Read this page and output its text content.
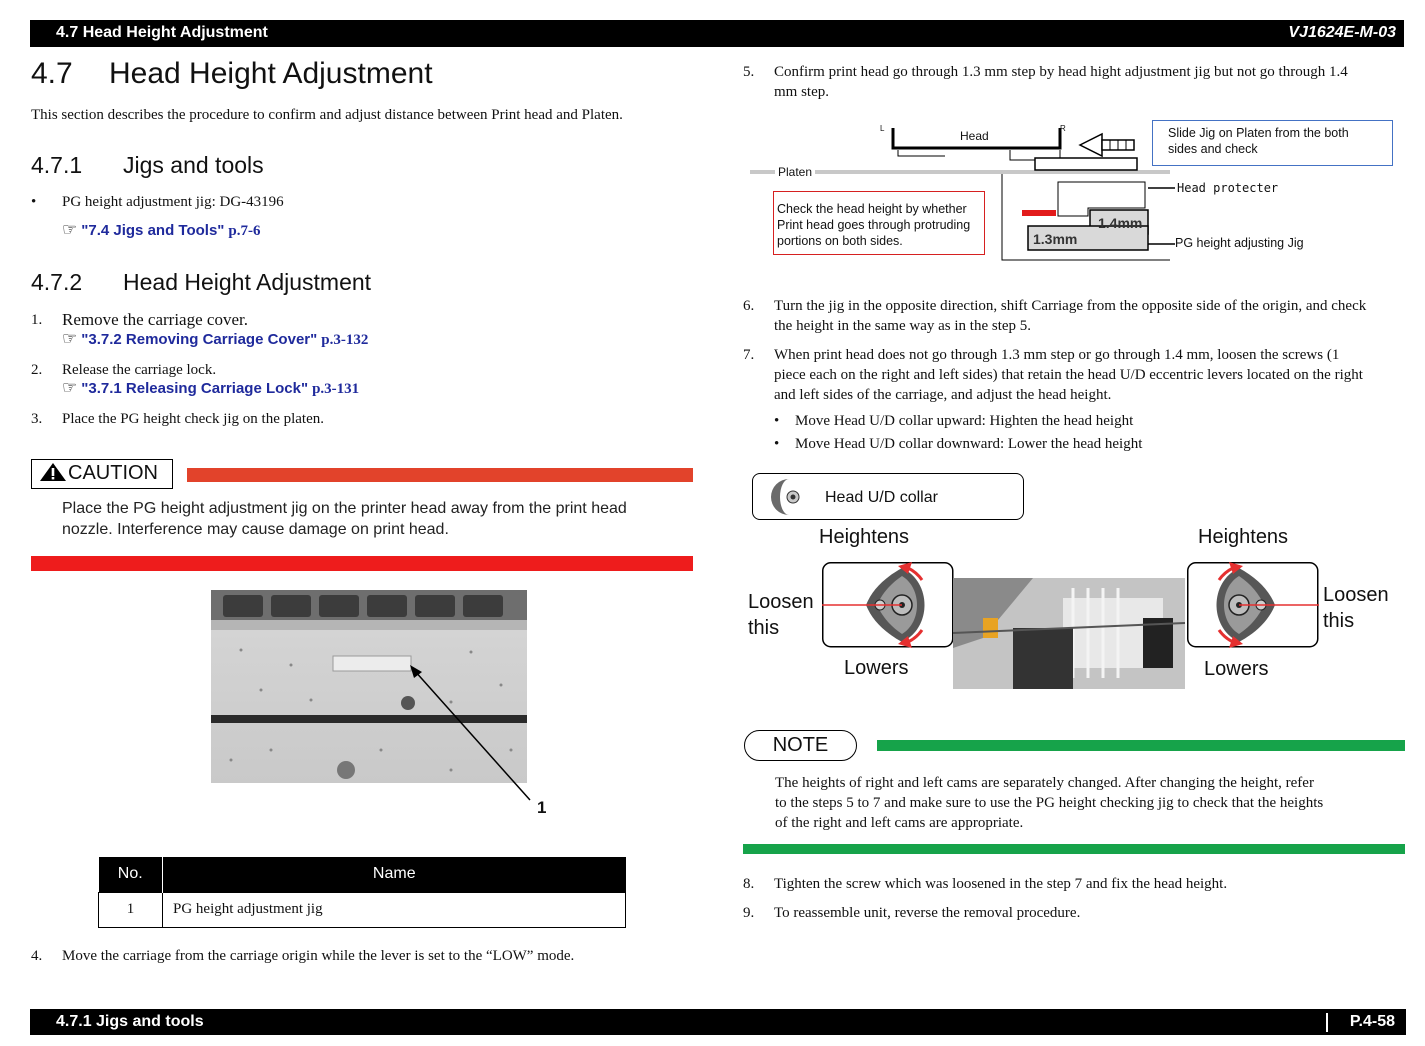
4.7 Head Height Adjustment	VJ1624E-M-03
4.7 Head Height Adjustment
This section describes the procedure to confirm and adjust distance between Print head and Platen.
4.7.1 Jigs and tools
• PG height adjustment jig: DG-43196
☞ "7.4 Jigs and Tools" p.7-6
4.7.2 Head Height Adjustment
1. Remove the carriage cover.
☞ "3.7.2 Removing Carriage Cover" p.3-132
2. Release the carriage lock.
☞ "3.7.1 Releasing Carriage Lock" p.3-131
3. Place the PG height check jig on the platen.
CAUTION
Place the PG height adjustment jig on the printer head away from the print head
nozzle. Interference may cause damage on print head.
1
No.	Name
1	PG height adjustment jig
4. Move the carriage from the carriage origin while the lever is set to the “LOW” mode.
5. Confirm print head go through 1.3 mm step by head hight adjustment jig but not go through 1.4
mm step.
L	R
Head
Platen
Slide Jig on Platen from the both
sides and check
Check the head height by whether
Print head goes through protruding
portions on both sides.
Head protecter
1.4mm
1.3mm	PG height adjusting Jig
6. Turn the jig in the opposite direction, shift Carriage from the opposite side of the origin, and check
the height in the same way as in the step 5.
7. When print head does not go through 1.3 mm step or go through 1.4 mm, loosen the screws (1
piece each on the right and left sides) that retain the head U/D eccentric levers located on the right
and left sides of the carriage, and adjust the head height.
• Move Head U/D collar upward: Highten the head height
• Move Head U/D collar downward: Lower the head height
Head U/D collar
Heightens
Loosen
this
Lowers
Heightens
Loosen
this
Lowers
NOTE
The heights of right and left cams are separately changed. After changing the height, refer
to the steps 5 to 7 and make sure to use the PG height checking jig to check that the heights
of the right and left cams are appropriate.
8. Tighten the screw which was loosened in the step 7 and fix the head height.
9. To reassemble unit, reverse the removal procedure.
4.7.1 Jigs and tools	P.4-58
